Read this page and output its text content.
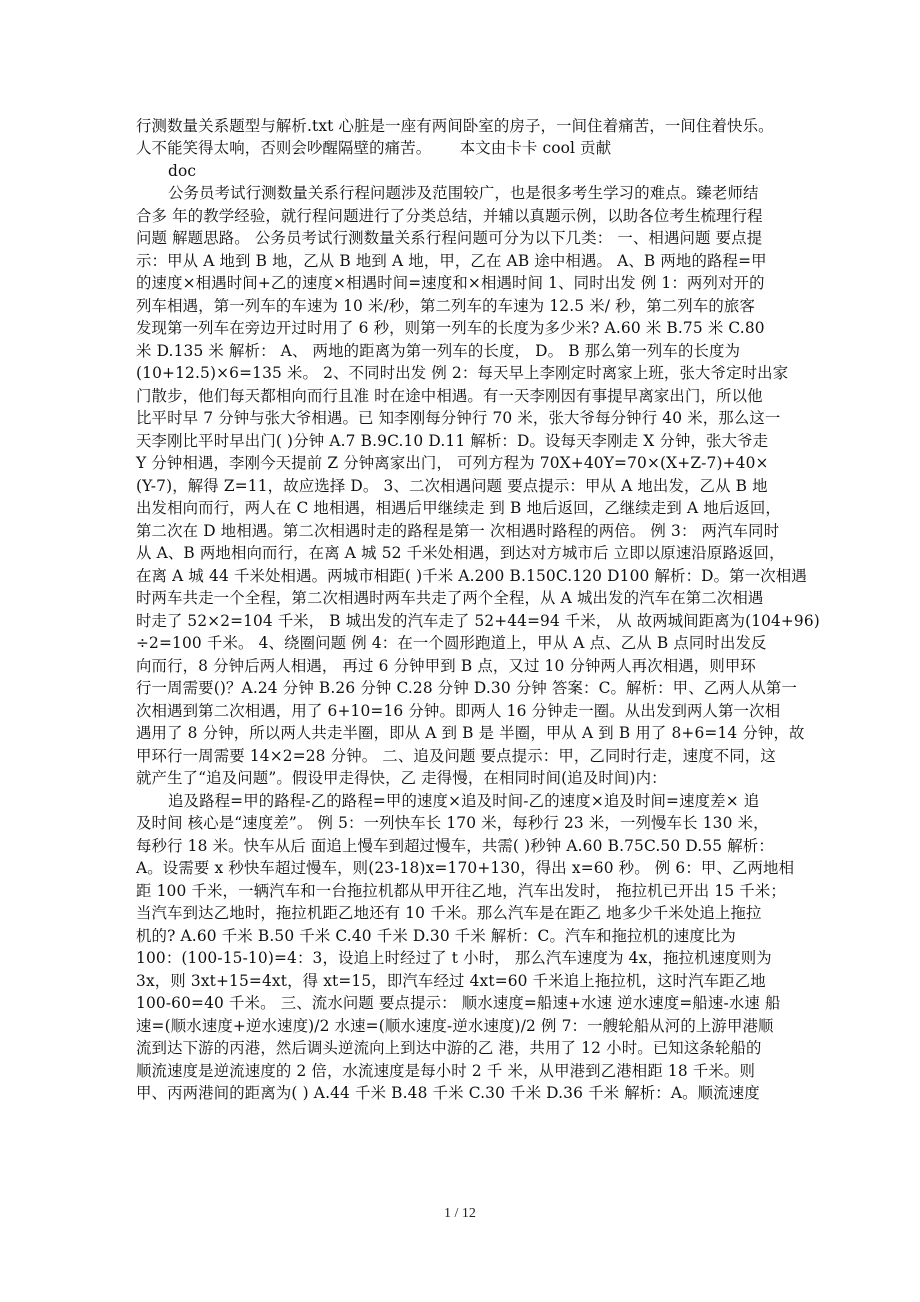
行测数量关系题型与解析.txt 心脏是一座有两间卧室的房子，一间住着痛苦，一间住着快乐。
人不能笑得太响，否则会吵醒隔壁的痛苦。　　 本文由卡卡 cool 贡献
doc
公务员考试行测数量关系行程问题涉及范围较广，也是很多考生学习的难点。臻老师结
合多 年的教学经验，就行程问题进行了分类总结，并辅以真题示例，以助各位考生梳理行程
问题 解题思路。 公务员考试行测数量关系行程问题可分为以下几类： 一、相遇问题 要点提
示：甲从 A 地到 B 地，乙从 B 地到 A 地，甲，乙在 AB 途中相遇。 A、B 两地的路程=甲
的速度×相遇时间+乙的速度×相遇时间=速度和×相遇时间 1、同时出发 例 1：两列对开的
列车相遇，第一列车的车速为 10 米/秒，第二列车的车速为 12.5 米/ 秒，第二列车的旅客
发现第一列车在旁边开过时用了 6 秒，则第一列车的长度为多少米? A.60 米 B.75 米 C.80
米 D.135 米 解析： A、 两地的距离为第一列车的长度， D。 B 那么第一列车的长度为
(10+12.5)×6=135 米。 2、不同时出发 例 2：每天早上李刚定时离家上班，张大爷定时出家
门散步，他们每天都相向而行且准 时在途中相遇。有一天李刚因有事提早离家出门，所以他
比平时早 7 分钟与张大爷相遇。已 知李刚每分钟行 70 米，张大爷每分钟行 40 米，那么这一
天李刚比平时早出门( )分钟 A.7 B.9C.10 D.11 解析：D。设每天李刚走 X 分钟，张大爷走
Y 分钟相遇，李刚今天提前 Z 分钟离家出门， 可列方程为 70X+40Y=70×(X+Z-7)+40×
(Y-7)，解得 Z=11，故应选择 D。 3、二次相遇问题 要点提示：甲从 A 地出发，乙从 B 地
出发相向而行，两人在 C 地相遇，相遇后甲继续走 到 B 地后返回，乙继续走到 A 地后返回，
第二次在 D 地相遇。第二次相遇时走的路程是第一 次相遇时路程的两倍。 例 3： 两汽车同时
从 A、B 两地相向而行，在离 A 城 52 千米处相遇，到达对方城市后 立即以原速沿原路返回，
在离 A 城 44 千米处相遇。两城市相距( )千米 A.200 B.150C.120 D100 解析：D。第一次相遇
时两车共走一个全程，第二次相遇时两车共走了两个全程，从 A 城出发的汽车在第二次相遇
时走了 52×2=104 千米， B 城出发的汽车走了 52+44=94 千米， 从 故两城间距离为(104+96)
÷2=100 千米。 4、绕圈问题 例 4：在一个圆形跑道上，甲从 A 点、乙从 B 点同时出发反
向而行，8 分钟后两人相遇， 再过 6 分钟甲到 B 点，又过 10 分钟两人再次相遇，则甲环
行一周需要()？A.24 分钟 B.26 分钟 C.28 分钟 D.30 分钟 答案：C。解析：甲、乙两人从第一
次相遇到第二次相遇，用了 6+10=16 分钟。即两人 16 分钟走一圈。从出发到两人第一次相
遇用了 8 分钟，所以两人共走半圈，即从 A 到 B 是 半圈，甲从 A 到 B 用了 8+6=14 分钟，故
甲环行一周需要 14×2=28 分钟。 二、追及问题 要点提示：甲，乙同时行走，速度不同，这
就产生了“追及问题”。假设甲走得快，乙 走得慢，在相同时间(追及时间)内：
追及路程=甲的路程-乙的路程=甲的速度×追及时间-乙的速度×追及时间=速度差× 追
及时间 核心是“速度差”。 例 5：一列快车长 170 米，每秒行 23 米，一列慢车长 130 米，
每秒行 18 米。快车从后 面追上慢车到超过慢车，共需( )秒钟 A.60 B.75C.50 D.55 解析：
A。设需要 x 秒快车超过慢车，则(23-18)x=170+130，得出 x=60 秒。 例 6：甲、乙两地相
距 100 千米，一辆汽车和一台拖拉机都从甲开往乙地，汽车出发时， 拖拉机已开出 15 千米；
当汽车到达乙地时，拖拉机距乙地还有 10 千米。那么汽车是在距乙 地多少千米处追上拖拉
机的? A.60 千米 B.50 千米 C.40 千米 D.30 千米 解析：C。汽车和拖拉机的速度比为
100：(100-15-10)=4：3，设追上时经过了 t 小时， 那么汽车速度为 4x，拖拉机速度则为
3x，则 3xt+15=4xt，得 xt=15，即汽车经过 4xt=60 千米追上拖拉机，这时汽车距乙地
100-60=40 千米。 三、流水问题 要点提示： 顺水速度=船速+水速 逆水速度=船速-水速 船
速=(顺水速度+逆水速度)/2 水速=(顺水速度-逆水速度)/2 例 7：一艘轮船从河的上游甲港顺
流到达下游的丙港，然后调头逆流向上到达中游的乙 港，共用了 12 小时。已知这条轮船的
顺流速度是逆流速度的 2 倍，水流速度是每小时 2 千 米，从甲港到乙港相距 18 千米。则
甲、丙两港间的距离为( ) A.44 千米 B.48 千米 C.30 千米 D.36 千米 解析：A。顺流速度
1 / 12
